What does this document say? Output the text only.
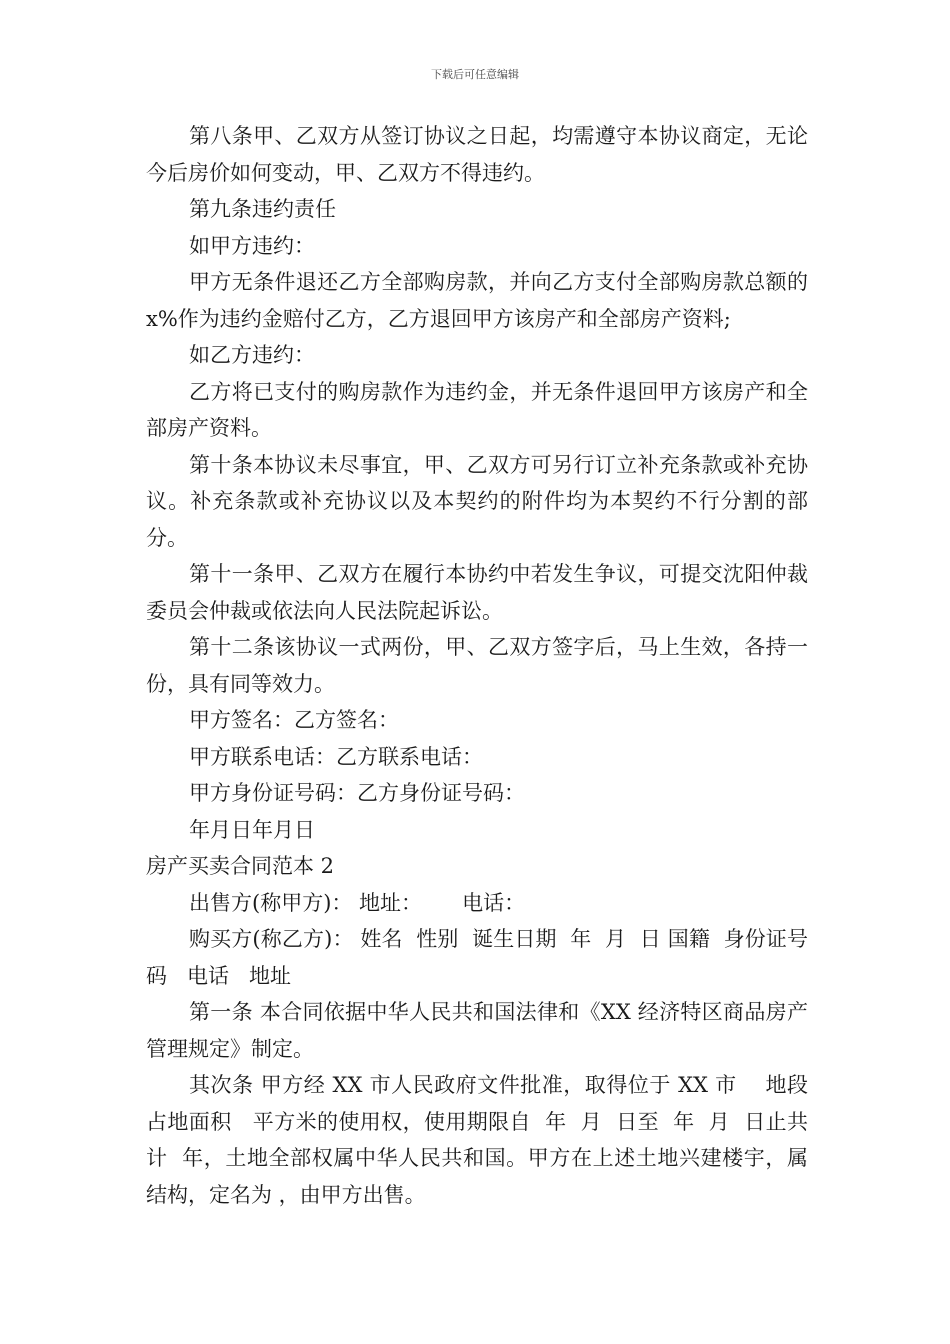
下载后可任意编辑

第八条甲、乙双方从签订协议之日起，均需遵守本协议商定，无论今后房价如何变动，甲、乙双方不得违约。

第九条违约责任

如甲方违约：

甲方无条件退还乙方全部购房款，并向乙方支付全部购房款总额的x%作为违约金赔付乙方，乙方退回甲方该房产和全部房产资料;

如乙方违约：

乙方将已支付的购房款作为违约金，并无条件退回甲方该房产和全部房产资料。

第十条本协议未尽事宜，甲、乙双方可另行订立补充条款或补充协议。补充条款或补充协议以及本契约的附件均为本契约不行分割的部分。

第十一条甲、乙双方在履行本协约中若发生争议，可提交沈阳仲裁委员会仲裁或依法向人民法院起诉讼。

第十二条该协议一式两份，甲、乙双方签字后，马上生效，各持一份，具有同等效力。

甲方签名：乙方签名：

甲方联系电话：乙方联系电话：

甲方身份证号码：乙方身份证号码：

年月日年月日

房产买卖合同范本 2

出售方(称甲方)： 地址：      电话：

购买方(称乙方)： 姓名  性别  诞生日期  年  月  日 国籍  身份证号码   电话   地址

第一条 本合同依据中华人民共和国法律和《XX 经济特区商品房产管理规定》制定。

其次条 甲方经 XX 市人民政府文件批准，取得位于 XX 市    地段占地面积   平方米的使用权，使用期限自  年  月  日至  年  月  日止共计  年，土地全部权属中华人民共和国。甲方在上述土地兴建楼宇，属  结构，定名为 ，由甲方出售。
